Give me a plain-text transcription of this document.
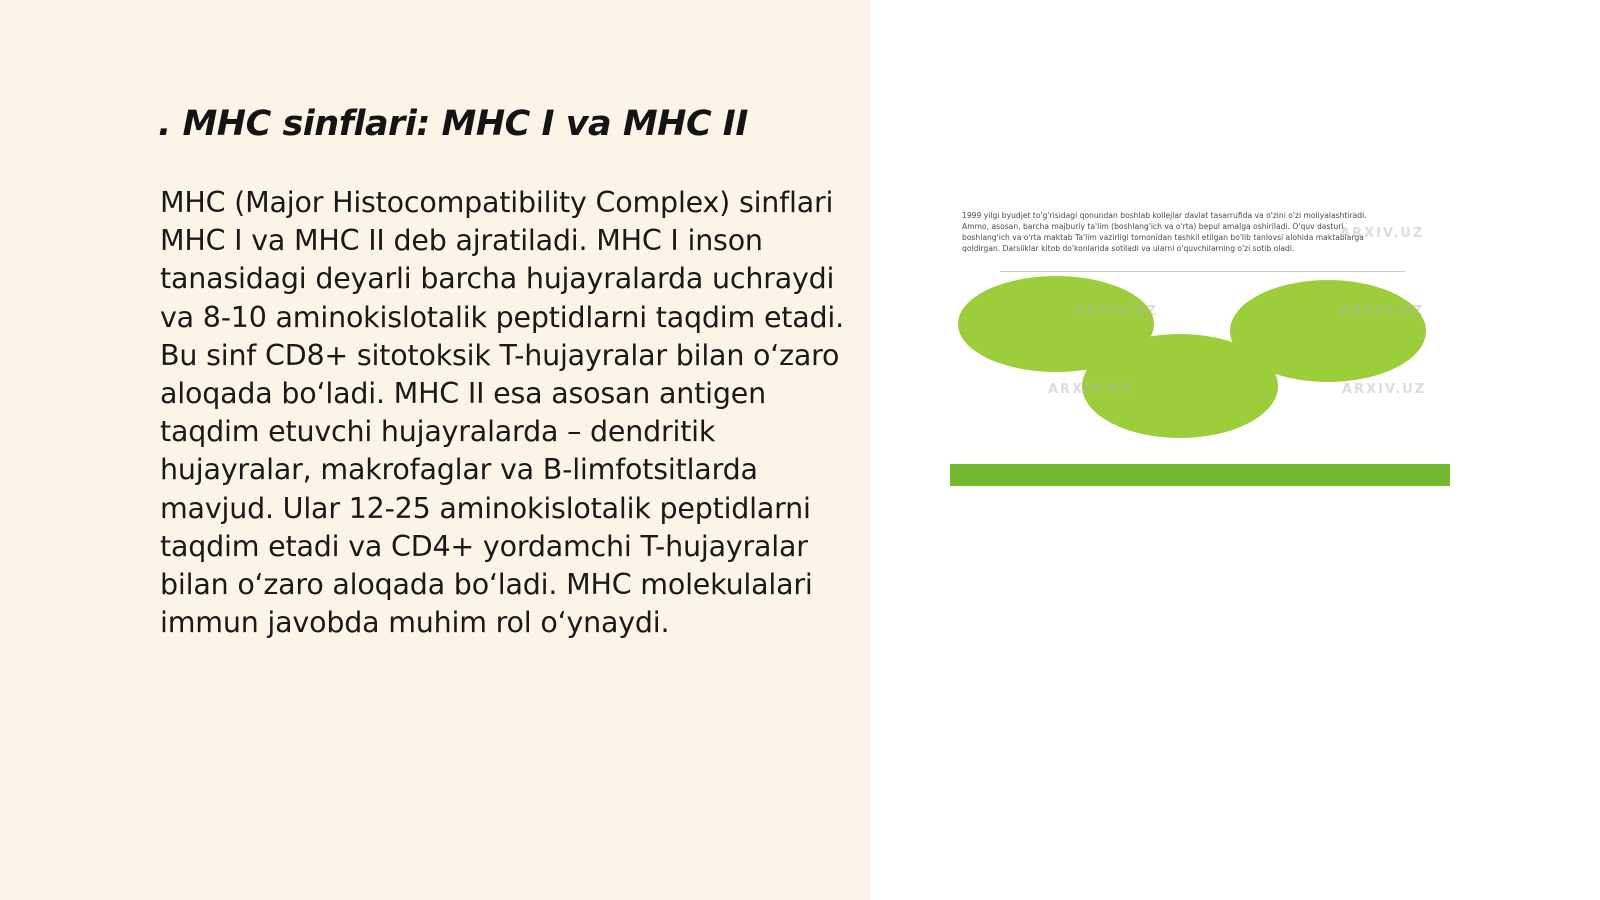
. MHC sinflari: MHC I va MHC II

MHC (Major Histocompatibility Complex) sinflari MHC I va MHC II deb ajratiladi. MHC I inson tanasidagi deyarli barcha hujayralarda uchraydi va 8-10 aminokislotalik peptidlarni taqdim etadi. Bu sinf CD8+ sitotoksik T-hujayralar bilan o‘zaro aloqada bo‘ladi. MHC II esa asosan antigen taqdim etuvchi hujayralarda – dendritik hujayralar, makrofaglar va B-limfotsitlarda mavjud. Ular 12-25 aminokislotalik peptidlarni taqdim etadi va CD4+ yordamchi T-hujayralar bilan o‘zaro aloqada bo‘ladi. MHC molekulalari immun javobda muhim rol o‘ynaydi.

1999 yilgi byudjet to'g'risidagi qonundan boshlab kollejlar davlat tasarrufida va o'zini o'zi moliyalashtiradi. Ammo, asosan, barcha majburiy ta'lim (boshlang'ich va o'rta) bepul amalga oshiriladi. O'quv dasturi boshlang'ich va o'rta maktab Ta'lim vazirligi tomonidan tashkil etilgan bo'lib tanlovsi alohida maktablarga qoldirgan. Darsliklar kitob do'konlarida sotiladi va ularni o'quvchilarning o'zi sotib oladi.

ARXIV.UZ
ARXIV.UZ	ARXIV.UZ
ARXIV.UZ	ARXIV.UZ
